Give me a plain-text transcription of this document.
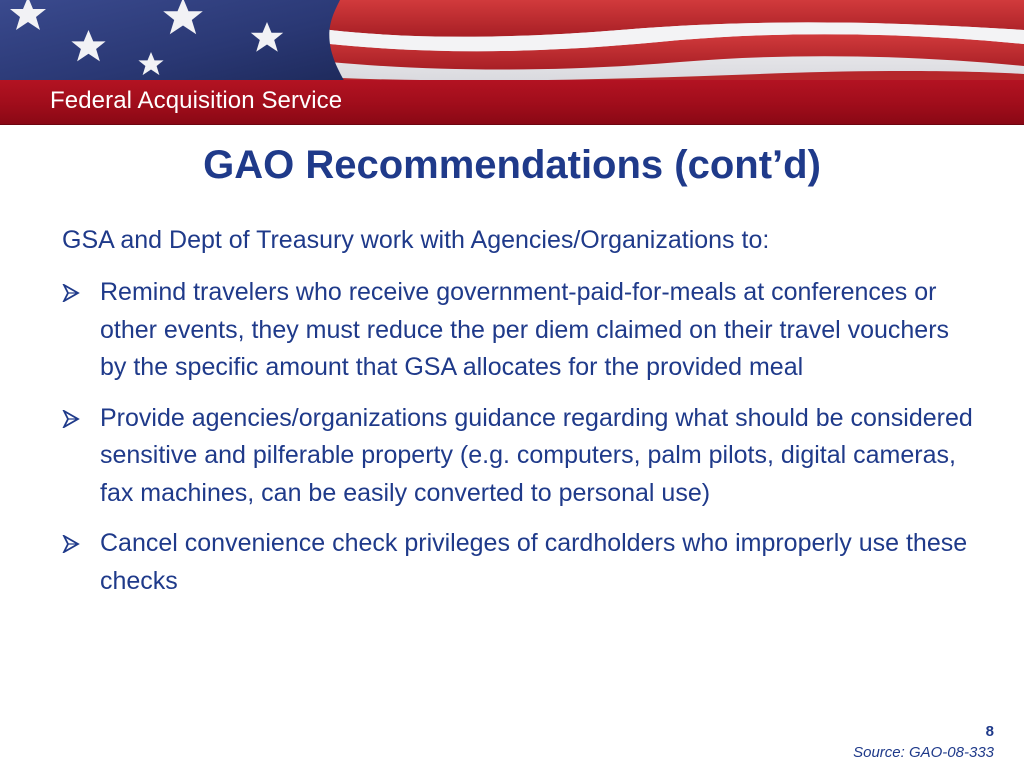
Federal Acquisition Service
GAO Recommendations (cont’d)

GSA and Dept of Treasury work with Agencies/Organizations to:

Remind travelers who receive government-paid-for-meals at conferences or other events, they must reduce the per diem claimed on their travel vouchers by the specific amount that GSA allocates for the provided meal
Provide agencies/organizations guidance regarding what should be considered sensitive and pilferable property (e.g. computers, palm pilots, digital cameras, fax machines, can be easily converted to personal use)
Cancel convenience check privileges of cardholders who improperly use these checks
8
Source: GAO-08-333
